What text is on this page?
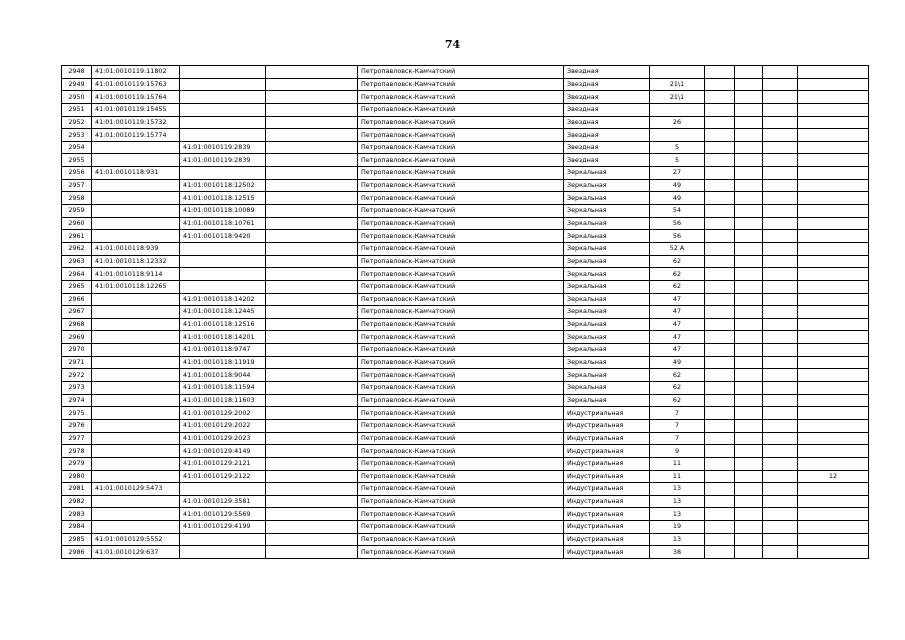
74
2948	41:01:0010119:11802			Петропавловск-Камчатский	Звездная					
2949	41:01:0010119:15763			Петропавловск-Камчатский	Звездная	21\1				
2950	41:01:0010119:15764			Петропавловск-Камчатский	Звездная	21\1				
2951	41:01:0010119:15455			Петропавловск-Камчатский	Звездная					
2952	41:01:0010119:15732			Петропавловск-Камчатский	Звездная	26				
2953	41:01:0010119:15774			Петропавловск-Камчатский	Звездная					
2954		41:01:0010119:2839		Петропавловск-Камчатский	Звездная	5				
2955		41:01:0010119:2839		Петропавловск-Камчатский	Звездная	5				
2956	41:01:0010118:931			Петропавловск-Камчатский	Зеркальная	27				
2957		41:01:0010118:12502		Петропавловск-Камчатский	Зеркальная	49				
2958		41:01:0010118:12515		Петропавловск-Камчатский	Зеркальная	49				
2959		41:01:0010118:10089		Петропавловск-Камчатский	Зеркальная	54				
2960		41:01:0010118:10761		Петропавловск-Камчатский	Зеркальная	56				
2961		41:01:0010118:9420		Петропавловск-Камчатский	Зеркальная	56				
2962	41:01:0010118:939			Петропавловск-Камчатский	Зеркальная	52 А				
2963	41:01:0010118:12332			Петропавловск-Камчатский	Зеркальная	62				
2964	41:01:0010118:9114			Петропавловск-Камчатский	Зеркальная	62				
2965	41:01:0010118:12265			Петропавловск-Камчатский	Зеркальная	62				
2966		41:01:0010118:14202		Петропавловск-Камчатский	Зеркальная	47				
2967		41:01:0010118:12445		Петропавловск-Камчатский	Зеркальная	47				
2968		41:01:0010118:12516		Петропавловск-Камчатский	Зеркальная	47				
2969		41:01:0010118:14201		Петропавловск-Камчатский	Зеркальная	47				
2970		41:01:0010118:9747		Петропавловск-Камчатский	Зеркальная	47				
2971		41:01:0010118:11919		Петропавловск-Камчатский	Зеркальная	49				
2972		41:01:0010118:9044		Петропавловск-Камчатский	Зеркальная	62				
2973		41:01:0010118:11594		Петропавловск-Камчатский	Зеркальная	62				
2974		41:01:0010118:11603		Петропавловск-Камчатский	Зеркальная	62				
2975		41:01:0010129:2002		Петропавловск-Камчатский	Индустриальная	7				
2976		41:01:0010129:2022		Петропавловск-Камчатский	Индустриальная	7				
2977		41:01:0010129:2023		Петропавловск-Камчатский	Индустриальная	7				
2978		41:01:0010129:4149		Петропавловск-Камчатский	Индустриальная	9				
2979		41:01:0010129:2121		Петропавловск-Камчатский	Индустриальная	11				
2980		41:01:0010129:2122		Петропавловск-Камчатский	Индустриальная	11				12
2981	41:01:0010129:5473			Петропавловск-Камчатский	Индустриальная	13				
2982		41:01:0010129:3581		Петропавловск-Камчатский	Индустриальная	13				
2983		41:01:0010129:5569		Петропавловск-Камчатский	Индустриальная	13				
2984		41:01:0010129:4199		Петропавловск-Камчатский	Индустриальная	19				
2985	41:01:0010129:5552			Петропавловск-Камчатский	Индустриальная	13				
2986	41:01:0010129:637			Петропавловск-Камчатский	Индустриальная	38				
